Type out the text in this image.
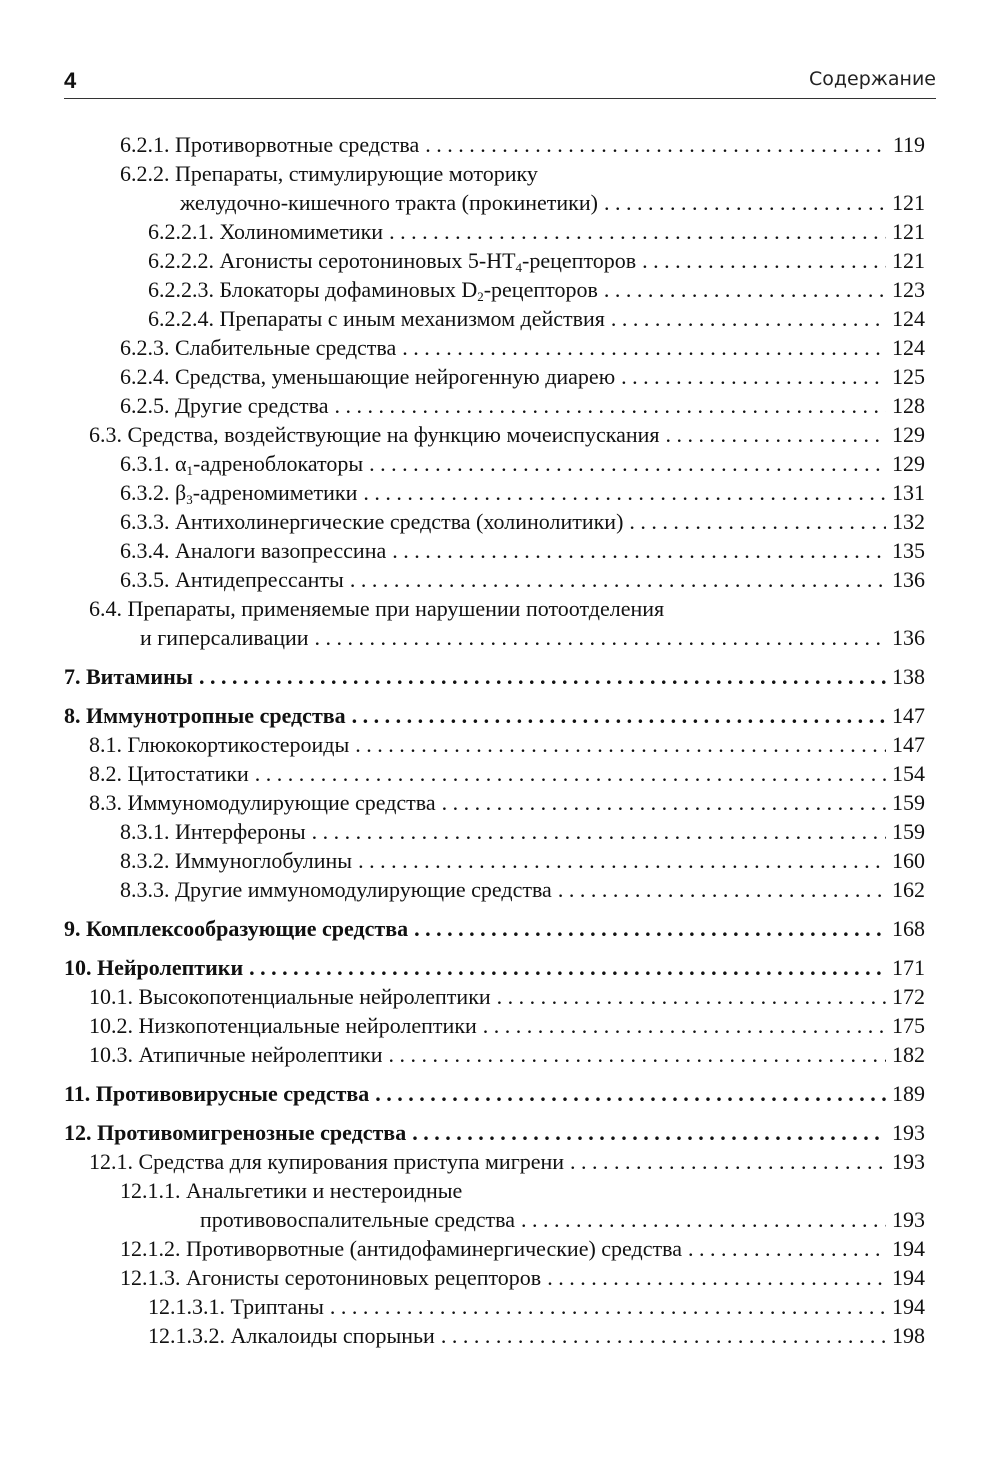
4	Содержание
6.2.1. Противорвотные средства . . .	119
6.2.2. Препараты, стимулирующие моторику
желудочно-кишечного тракта (прокинетики) . . .	121
6.2.2.1. Холиномиметики . . .	121
6.2.2.2. Агонисты серотониновых $5-HT_4$-рецепторов . . .	121
6.2.2.3. Блокаторы дофаминовых $D_2$-рецепторов . . .	123
6.2.2.4. Препараты с иным механизмом действия . . .	124
6.2.3. Слабительные средства . . .	124
6.2.4. Средства, уменьшающие нейрогенную диарею . . .	125
6.2.5. Другие средства . . .	128
6.3. Средства, воздействующие на функцию мочеиспускания . . .	129
6.3.1. $\alpha_1$-адреноблокаторы . . .	129
6.3.2. $\beta_3$-адреномиметики . . .	131
6.3.3. Антихолинергические средства (холинолитики) . . .	132
6.3.4. Аналоги вазопрессина . . .	135
6.3.5. Антидепрессанты . . .	136
6.4. Препараты, применяемые при нарушении потоотделения
и гиперсаливации . . .	136
7. Витамины . . .	138
8. Иммунотропные средства . . .	147
8.1. Глюкокортикостероиды . . .	147
8.2. Цитостатики . . .	154
8.3. Иммуномодулирующие средства . . .	159
8.3.1. Интерфероны . . .	159
8.3.2. Иммуноглобулины . . .	160
8.3.3. Другие иммуномодулирующие средства . . .	162
9. Комплексообразующие средства . . .	168
10. Нейролептики . . .	171
10.1. Высокопотенциальные нейролептики . . .	172
10.2. Низкопотенциальные нейролептики . . .	175
10.3. Атипичные нейролептики . . .	182
11. Противовирусные средства . . .	189
12. Противомигренозные средства . . .	193
12.1. Средства для купирования приступа мигрени . . .	193
12.1.1. Анальгетики и нестероидные
противовоспалительные средства . . .	193
12.1.2. Противорвотные (антидофаминергические) средства . . .	194
12.1.3. Агонисты серотониновых рецепторов . . .	194
12.1.3.1. Триптаны . . .	194
12.1.3.2. Алкалоиды спорыньи . . .	198
